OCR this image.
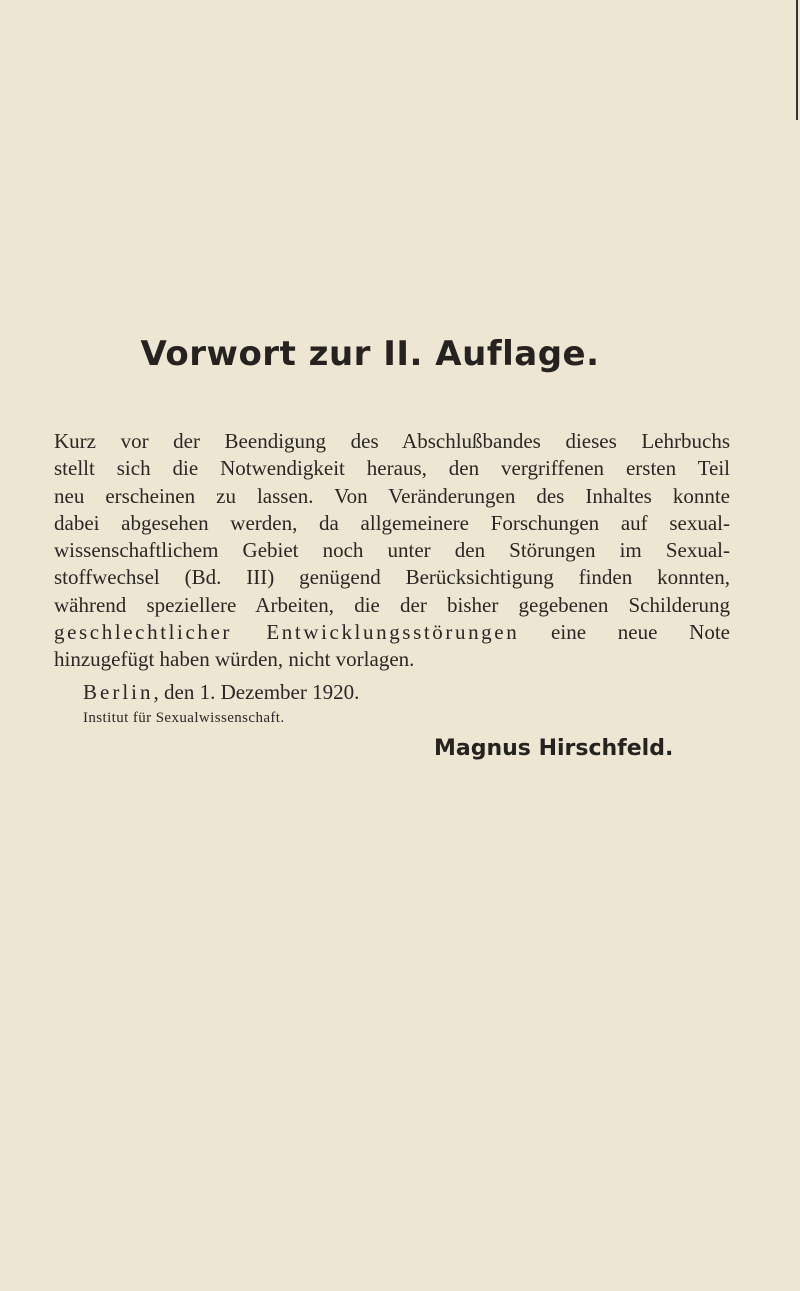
Vorwort zur II. Auflage.
Kurz vor der Beendigung des Abschlußbandes dieses Lehrbuchs
stellt sich die Notwendigkeit heraus, den vergriffenen ersten Teil
neu erscheinen zu lassen. Von Veränderungen des Inhaltes konnte
dabei abgesehen werden, da allgemeinere Forschungen auf sexual-
wissenschaftlichem Gebiet noch unter den Störungen im Sexual-
stoffwechsel (Bd. III) genügend Berücksichtigung finden konnten,
während speziellere Arbeiten, die der bisher gegebenen Schilderung
geschlechtlicher Entwicklungsstörungen eine neue Note
hinzugefügt haben würden, nicht vorlagen.
Berlin, den 1. Dezember 1920.
Institut für Sexualwissenschaft.
Magnus Hirschfeld.
